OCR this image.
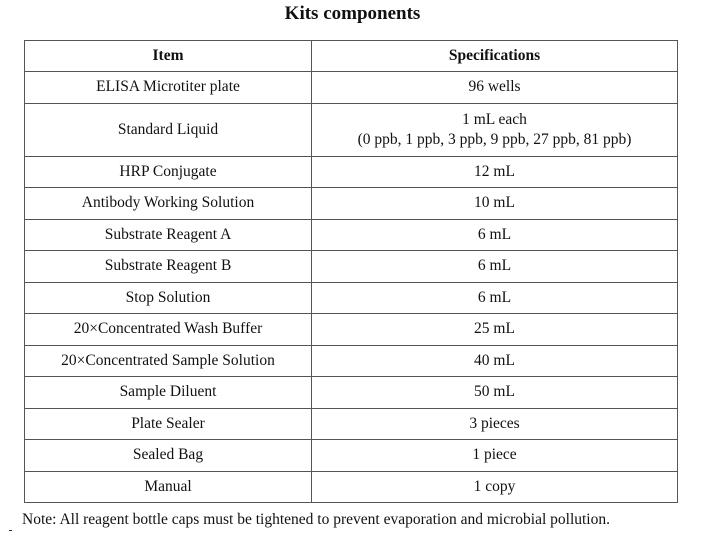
Kits components
Item	Specifications
ELISA Microtiter plate	96 wells
Standard Liquid	1 mL each
(0 ppb, 1 ppb, 3 ppb, 9 ppb, 27 ppb, 81 ppb)

HRP Conjugate	12 mL
Antibody Working Solution	10 mL
Substrate Reagent A	6 mL
Substrate Reagent B	6 mL
Stop Solution	6 mL
20×Concentrated Wash Buffer	25 mL
20×Concentrated Sample Solution	40 mL
Sample Diluent	50 mL
Plate Sealer	3 pieces
Sealed Bag	1 piece
Manual	1 copy
Note: All reagent bottle caps must be tightened to prevent evaporation and microbial pollution.
